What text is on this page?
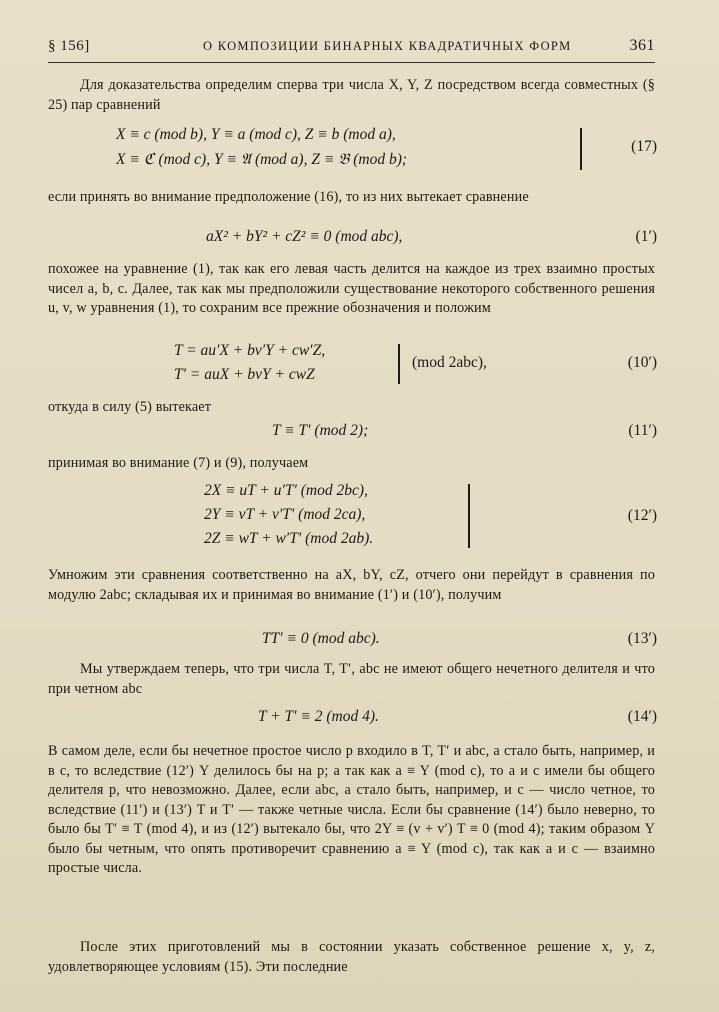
§ 156]	О КОМПОЗИЦИИ БИНАРНЫХ КВАДРАТИЧНЫХ ФОРМ	361
Для доказательства определим сперва три числа X, Y, Z посредством всегда совместных (§ 25) пар сравнений
X ≡ c (mod b), Y ≡ a (mod c), Z ≡ b (mod a),
X ≡ ℭ (mod c), Y ≡ 𝔄 (mod a), Z ≡ 𝔅 (mod b);
(17)
если принять во внимание предположение (16), то из них вытекает сравнение
aX² + bY² + cZ² ≡ 0 (mod abc),	(1′)
похожее на уравнение (1), так как его левая часть делится на каждое из трех взаимно простых чисел a, b, c. Далее, так как мы предположили существование некоторого собственного решения u, v, w уравнения (1), то сохраним все прежние обозначения и положим
T = au′X + bv′Y + cw′Z,
T′ = auX + bvY + cwZ
(mod 2abc),	(10′)
откуда в силу (5) вытекает
T ≡ T′ (mod 2);	(11′)
принимая во внимание (7) и (9), получаем
2X ≡ uT + u′T′ (mod 2bc),
2Y ≡ vT + v′T′ (mod 2ca),
2Z ≡ wT + w′T′ (mod 2ab).
(12′)
Умножим эти сравнения соответственно на aX, bY, cZ, отчего они перейдут в сравнения по модулю 2abc; складывая их и принимая во внимание (1′) и (10′), получим
TT′ ≡ 0 (mod abc).	(13′)
Мы утверждаем теперь, что три числа T, T′, abc не имеют общего нечетного делителя и что при четном abc
T + T′ ≡ 2 (mod 4).	(14′)
В самом деле, если бы нечетное простое число p входило в T, T′ и abc, а стало быть, например, и в c, то вследствие (12′) Y делилось бы на p; а так как a ≡ Y (mod c), то a и c имели бы общего делителя p, что невозможно. Далее, если abc, а стало быть, например, и c — число четное, то вследствие (11′) и (13′) T и T′ — также четные числа. Если бы сравнение (14′) было неверно, то было бы T′ ≡ T (mod 4), и из (12′) вытекало бы, что 2Y ≡ (v + v′) T ≡ 0 (mod 4); таким образом Y было бы четным, что опять противоречит сравнению a ≡ Y (mod c), так как a и c — взаимно простые числа.
После этих приготовлений мы в состоянии указать собственное решение x, y, z, удовлетворяющее условиям (15). Эти последние
